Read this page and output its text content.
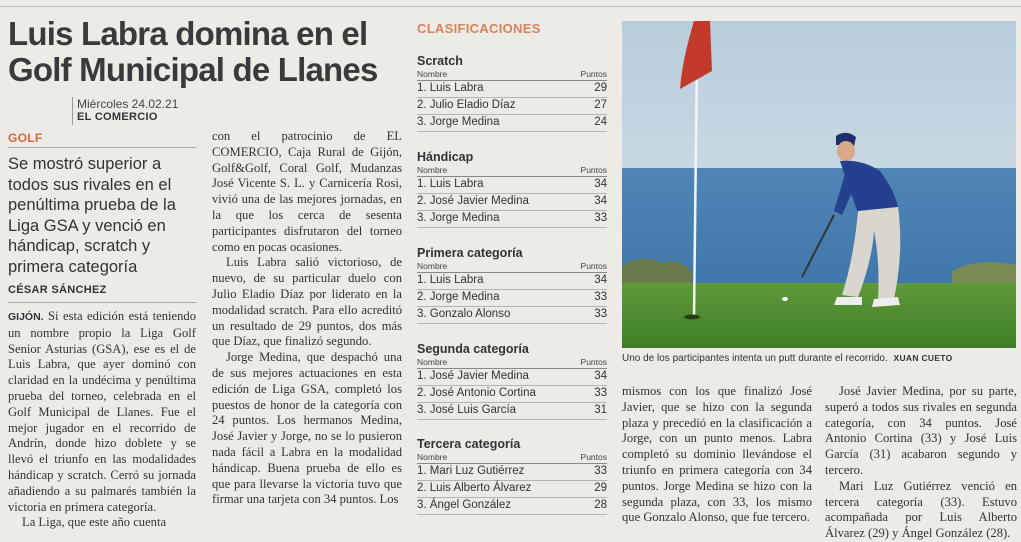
Luis Labra domina en el Golf Municipal de Llanes
Miércoles 24.02.21
EL COMERCIO
GOLF

Se mostró superior a todos sus rivales en el penúltima prueba de la Liga GSA y venció en hándicap, scratch y primera categoría

CÉSAR SÁNCHEZ

GIJÓN. Si esta edición está teniendo un nombre propio la Liga Golf Senior Asturias (GSA), ese es el de Luis Labra, que ayer dominó con claridad en la undécima y penúltima prueba del torneo, celebrada en el Golf Municipal de Llanes. Fue el mejor jugador en el recorrido de Andrín, donde hizo doblete y se llevó el triunfo en las modalidades hándicap y scratch. Cerró su jornada añadiendo a su palmarés también la victoria en primera categoría.

La Liga, que este año cuenta

con el patrocinio de EL COMERCIO, Caja Rural de Gijón, Golf&Golf, Coral Golf, Mudanzas José Vicente S. L. y Carnicería Rosi, vivió una de las mejores jornadas, en la que los cerca de sesenta participantes disfrutaron del torneo como en pocas ocasiones.

Luis Labra salió victorioso, de nuevo, de su particular duelo con Julio Eladio Díaz por liderato en la modalidad scratch. Para ello acreditó un resultado de 29 puntos, dos más que Díaz, que finalizó segundo.

Jorge Medina, que despachó una de sus mejores actuaciones en esta edición de Liga GSA, completó los puestos de honor de la categoría con 24 puntos. Los hermanos Medina, José Javier y Jorge, no se lo pusieron nada fácil a Labra en la modalidad hándicap. Buena prueba de ello es que para llevarse la victoria tuvo que firmar una tarjeta con 34 puntos. Los

CLASIFICACIONES
Scratch
Nombre	Puntos
1. Luis Labra	29
2. Julio Eladio Díaz	27
3. Jorge Medina	24
Hándicap
Nombre	Puntos
1. Luis Labra	34
2. José Javier Medina	34
3. Jorge Medina	33
Primera categoría
Nombre	Puntos
1. Luis Labra	34
2. Jorge Medina	33
3. Gonzalo Alonso	33
Segunda categoría
Nombre	Puntos
1. José Javier Medina	34
2. José Antonio Cortina	33
3. José Luis García	31
Tercera categoría
Nombre	Puntos
1. Mari Luz Gutiérrez	33
2. Luis Alberto Álvarez	29
3. Ángel González	28
Uno de los participantes intenta un putt durante el recorrido. XUAN CUETO

mismos con los que finalizó José Javier, que se hizo con la segunda plaza y precedió en la clasificación a Jorge, con un punto menos. Labra completó su dominio llevándose el triunfo en primera categoría con 34 puntos. Jorge Medina se hizo con la segunda plaza, con 33, los mismo que Gonzalo Alonso, que fue tercero.

José Javier Medina, por su parte, superó a todos sus rivales en segunda categoría, con 34 puntos. José Antonio Cortina (33) y José Luis García (31) acabaron segundo y tercero.

Mari Luz Gutiérrez venció en tercera categoría (33). Estuvo acompañada por Luis Alberto Álvarez (29) y Ángel González (28).
